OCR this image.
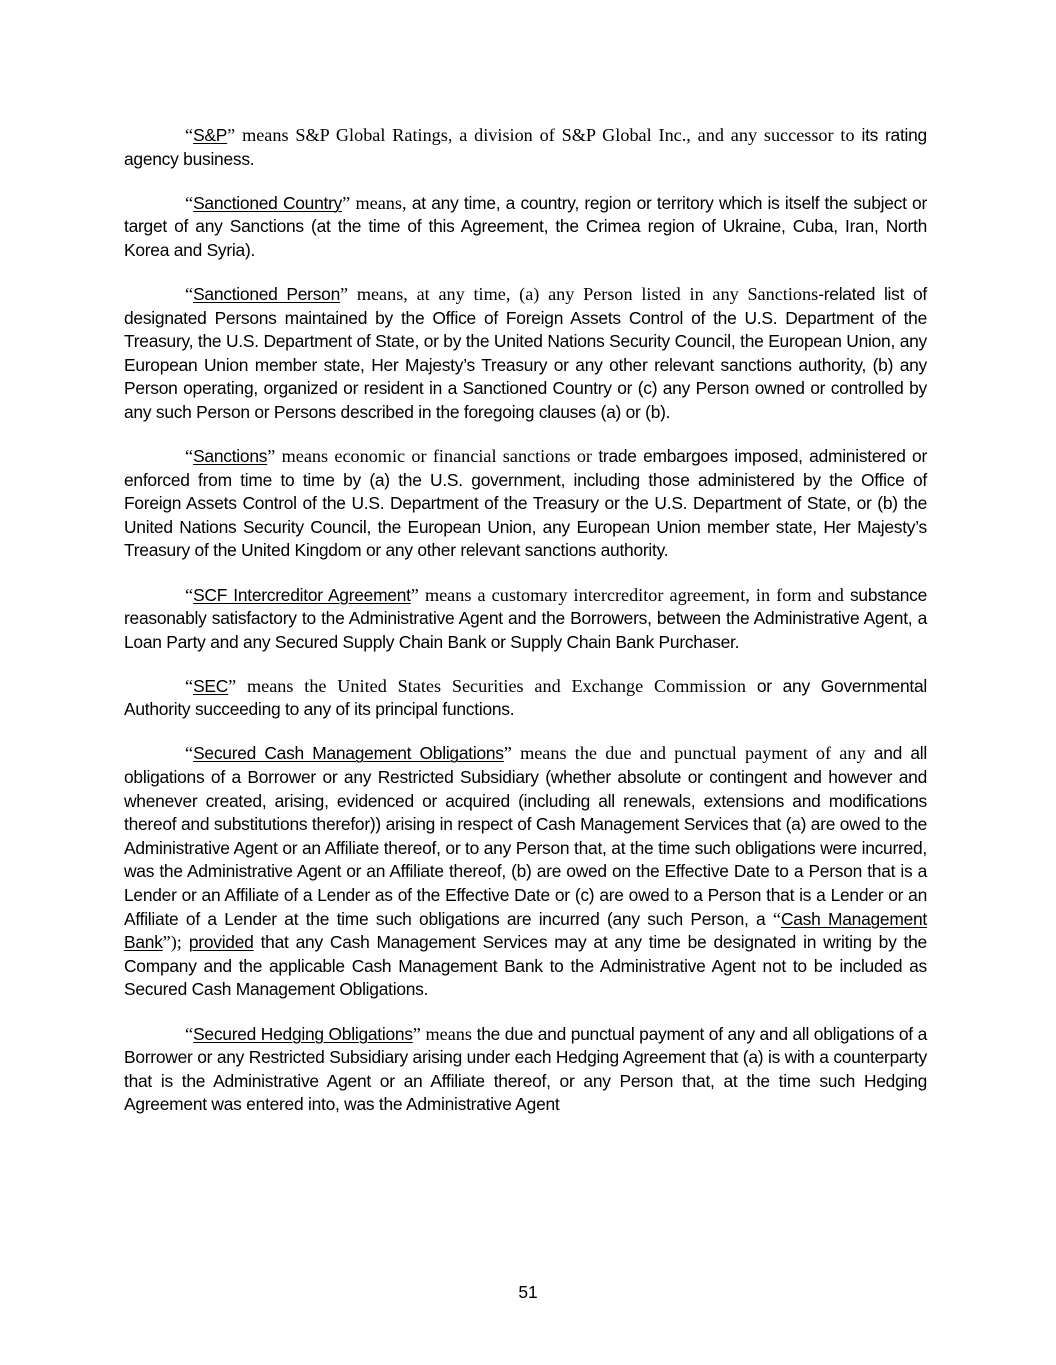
“S&P” means S&P Global Ratings, a division of S&P Global Inc., and any successor to its rating agency business.

“Sanctioned Country” means, at any time, a country, region or territory which is itself the subject or target of any Sanctions (at the time of this Agreement, the Crimea region of Ukraine, Cuba, Iran, North Korea and Syria).

“Sanctioned Person” means, at any time, (a) any Person listed in any Sanctions-related list of designated Persons maintained by the Office of Foreign Assets Control of the U.S. Department of the Treasury, the U.S. Department of State, or by the United Nations Security Council, the European Union, any European Union member state, Her Majesty’s Treasury or any other relevant sanctions authority, (b) any Person operating, organized or resident in a Sanctioned Country or (c) any Person owned or controlled by any such Person or Persons described in the foregoing clauses (a) or (b).

“Sanctions” means economic or financial sanctions or trade embargoes imposed, administered or enforced from time to time by (a) the U.S. government, including those administered by the Office of Foreign Assets Control of the U.S. Department of the Treasury or the U.S. Department of State, or (b) the United Nations Security Council, the European Union, any European Union member state, Her Majesty’s Treasury of the United Kingdom or any other relevant sanctions authority.

“SCF Intercreditor Agreement” means a customary intercreditor agreement, in form and substance reasonably satisfactory to the Administrative Agent and the Borrowers, between the Administrative Agent, a Loan Party and any Secured Supply Chain Bank or Supply Chain Bank Purchaser.

“SEC” means the United States Securities and Exchange Commission or any Governmental Authority succeeding to any of its principal functions.

“Secured Cash Management Obligations” means the due and punctual payment of any and all obligations of a Borrower or any Restricted Subsidiary (whether absolute or contingent and however and whenever created, arising, evidenced or acquired (including all renewals, extensions and modifications thereof and substitutions therefor)) arising in respect of Cash Management Services that (a) are owed to the Administrative Agent or an Affiliate thereof, or to any Person that, at the time such obligations were incurred, was the Administrative Agent or an Affiliate thereof, (b) are owed on the Effective Date to a Person that is a Lender or an Affiliate of a Lender as of the Effective Date or (c) are owed to a Person that is a Lender or an Affiliate of a Lender at the time such obligations are incurred (any such Person, a “Cash Management Bank”); provided that any Cash Management Services may at any time be designated in writing by the Company and the applicable Cash Management Bank to the Administrative Agent not to be included as Secured Cash Management Obligations.

“Secured Hedging Obligations” means the due and punctual payment of any and all obligations of a Borrower or any Restricted Subsidiary arising under each Hedging Agreement that (a) is with a counterparty that is the Administrative Agent or an Affiliate thereof, or any Person that, at the time such Hedging Agreement was entered into, was the Administrative Agent

51
